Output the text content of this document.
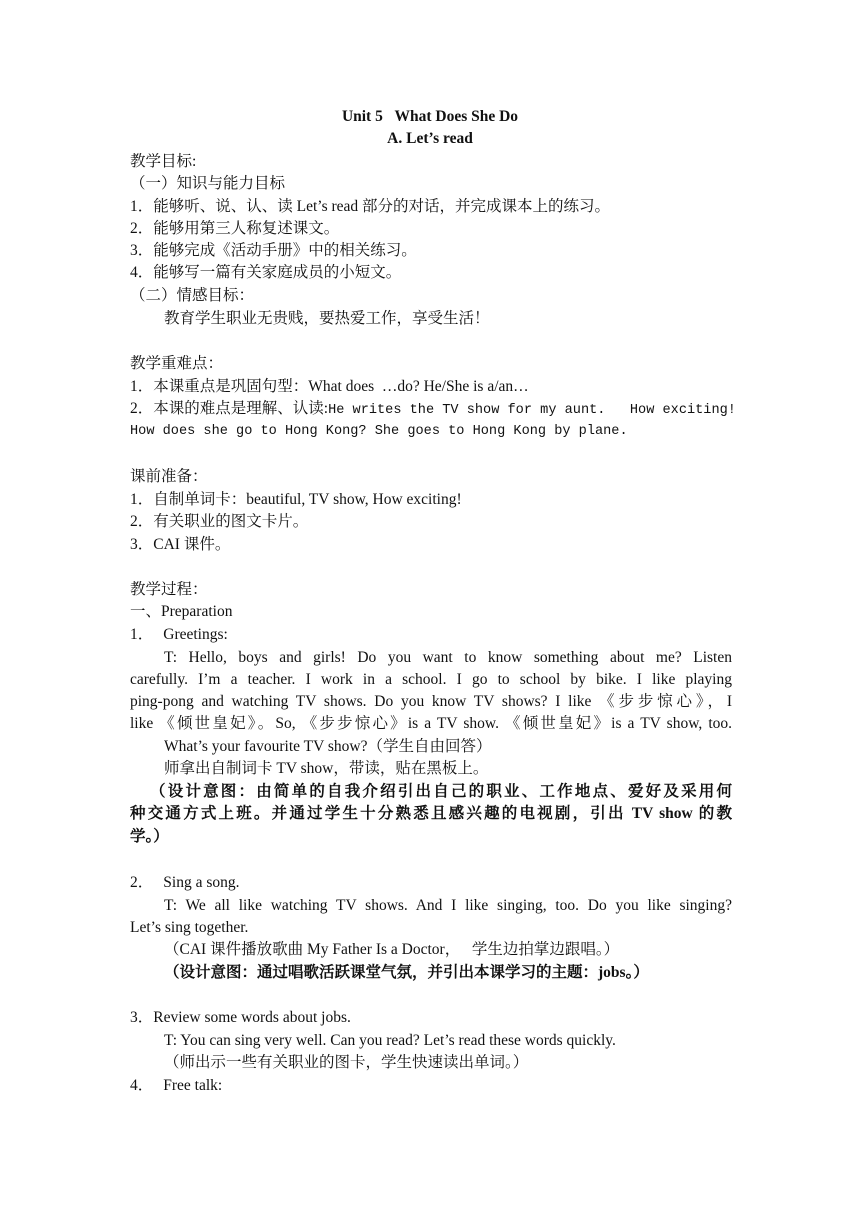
Unit 5   What Does She Do
A. Let’s read
教学目标:
（一）知识与能力目标
1．能够听、说、认、读 Let’s read 部分的对话，并完成课本上的练习。
2．能够用第三人称复述课文。
3．能够完成《活动手册》中的相关练习。
4．能够写一篇有关家庭成员的小短文。
（二）情感目标：
教育学生职业无贵贱，要热爱工作，享受生活！
教学重难点：
1．本课重点是巩固句型：What does  …do? He/She is a/an…
2．本课的难点是理解、认读:He writes the TV show for my aunt.   How exciting!
How does she go to Hong Kong? She goes to Hong Kong by plane.
课前准备：
1．自制单词卡：beautiful, TV show, How exciting!
2．有关职业的图文卡片。
3．CAI 课件。
教学过程：
一、Preparation
1． Greetings:
T: Hello, boys and girls! Do you want to know something about me? Listen
carefully. I’m a teacher. I work in a school. I go to school by bike. I like playing
ping-pong and watching TV shows. Do you know TV shows? I like 《步步惊心》，I
like 《倾世皇妃》。So, 《步步惊心》is a TV show. 《倾世皇妃》is a TV show, too.
What’s your favourite TV show?（学生自由回答）
师拿出自制词卡 TV show，带读，贴在黑板上。
（设计意图：由简单的自我介绍引出自己的职业、工作地点、爱好及采用何
种交通方式上班。并通过学生十分熟悉且感兴趣的电视剧，引出 TV show 的教
学。）
2． Sing a song.
T: We all like watching TV shows. And I like singing, too. Do you like singing?
Let’s sing together.
（CAI 课件播放歌曲 My Father Is a Doctor，   学生边拍掌边跟唱。）
（设计意图：通过唱歌活跃课堂气氛，并引出本课学习的主题：jobs。）
3．Review some words about jobs.
T: You can sing very well. Can you read? Let’s read these words quickly.
（师出示一些有关职业的图卡，学生快速读出单词。）
4． Free talk:
